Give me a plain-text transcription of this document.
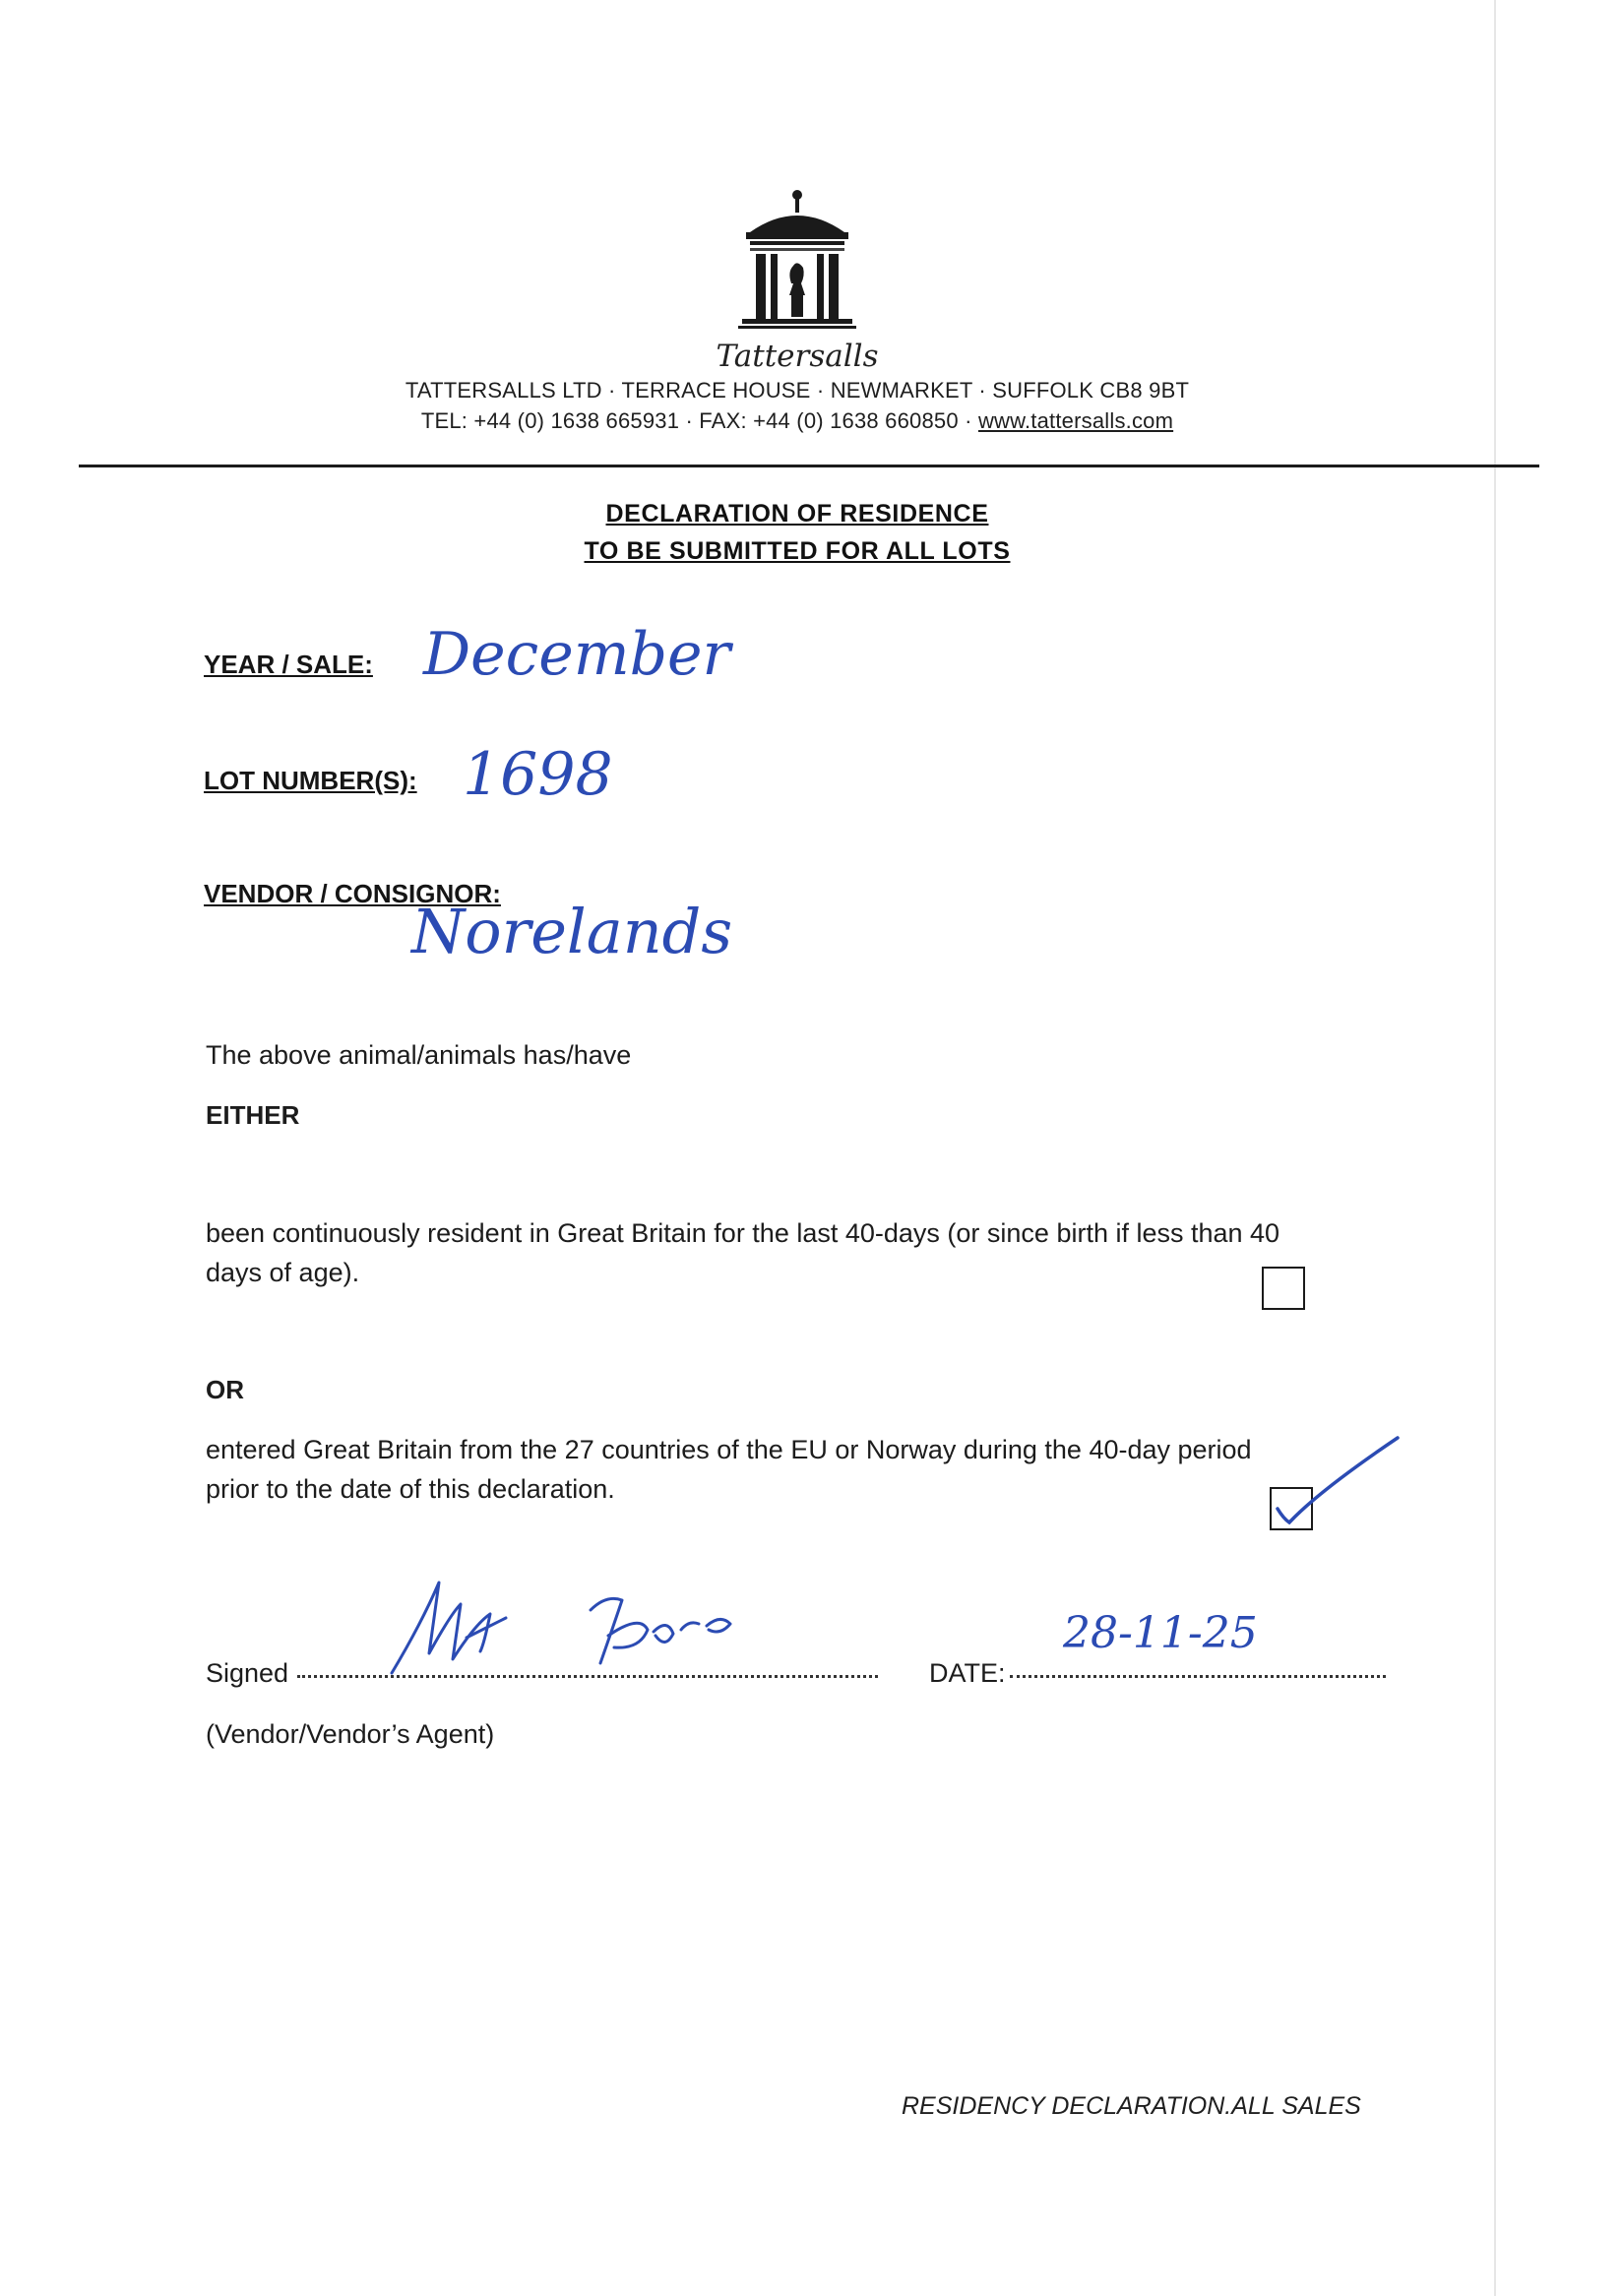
Tattersalls
TATTERSALLS LTD · TERRACE HOUSE · NEWMARKET · SUFFOLK CB8 9BT
TEL: +44 (0) 1638 665931 · FAX: +44 (0) 1638 660850 · www.tattersalls.com
DECLARATION OF RESIDENCE
TO BE SUBMITTED FOR ALL LOTS
YEAR / SALE: December
LOT NUMBER(S): 1698
VENDOR / CONSIGNOR:
Norelands
The above animal/animals has/have
EITHER
been continuously resident in Great Britain for the last 40-days (or since birth if less than 40
days of age).
OR
entered Great Britain from the 27 countries of the EU or Norway during the 40-day period
prior to the date of this declaration.
Signed	DATE:
28-11-25
(Vendor/Vendor’s Agent)
RESIDENCY DECLARATION.ALL SALES
